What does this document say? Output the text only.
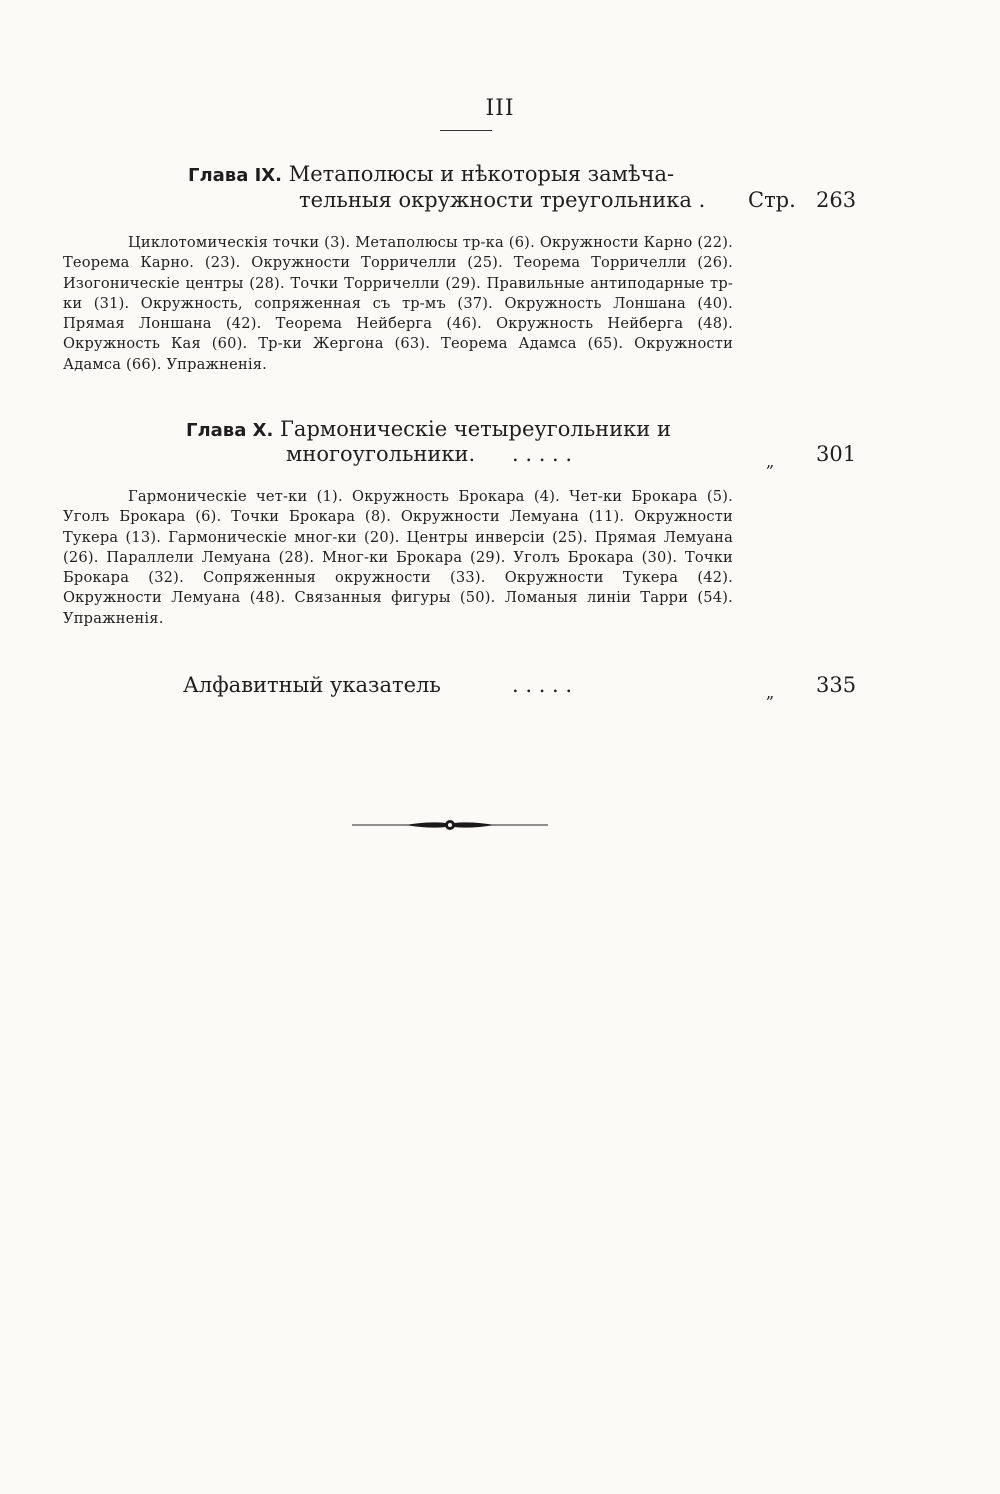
III
Глава IX. Метаполюсы и нѣкоторыя замѣча-
тельныя окружности треугольника . Стр. 263
Циклотомическія точки (3). Метаполюсы тр-ка (6). Окружности Карно (22). Теорема Карно. (23). Окружности Торричелли (25). Теорема Торричелли (26). Изогоническіе центры (28). Точки Торричелли (29). Правильные антиподарные тр-ки (31). Окружность, сопряженная съ тр-мъ (37). Окружность Лоншана (40). Прямая Лоншана (42). Теорема Нейберга (46). Окружность Нейберга (48). Окружность Кая (60). Тр-ки Жергона (63). Теорема Адамса (65). Окружности Адамса (66). Упражненія.
Глава X. Гармоническіе четыреугольники и
многоугольники. . . . . .	„ 301
Гармоническіе чет-ки (1). Окружность Брокара (4). Чет-ки Брокара (5). Уголъ Брокара (6). Точки Брокара (8). Окружности Лемуана (11). Окружности Тукера (13). Гармоническіе мног-ки (20). Центры инверсіи (25). Прямая Лемуана (26). Параллели Лемуана (28). Мног-ки Брокара (29). Уголъ Брокара (30). Точки Брокара (32). Сопряженныя окружности (33). Окружности Тукера (42). Окружности Лемуана (48). Связанныя фигуры (50). Ломаныя линіи Тарри (54). Упражненія.
Алфавитный указатель	. . . . .	„ 335
